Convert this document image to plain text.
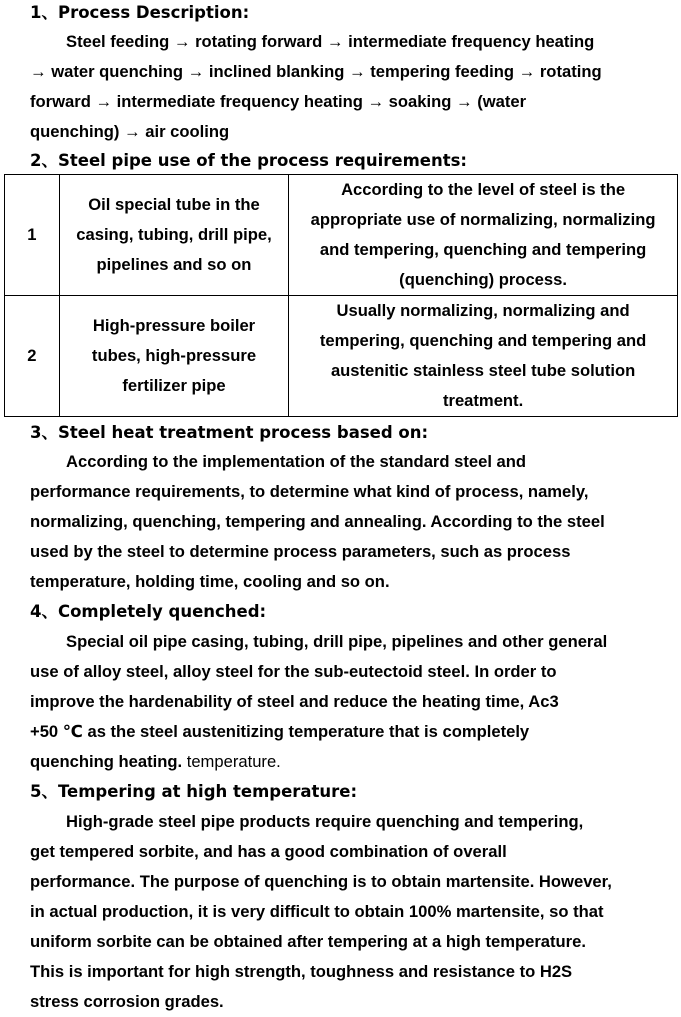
1、Process Description:
Steel feeding → rotating forward → intermediate frequency heating
→ water quenching → inclined blanking → tempering feeding → rotating
forward → intermediate frequency heating → soaking → (water
quenching) → air cooling
2、Steel pipe use of the process requirements:
1	Oil special tube in the
casing, tubing, drill pipe,
pipelines and so on	According to the level of steel is the
appropriate use of normalizing, normalizing
and tempering, quenching and tempering
(quenching) process.

2	High-pressure boiler
tubes, high-pressure
fertilizer pipe	Usually normalizing, normalizing and
tempering, quenching and tempering and
austenitic stainless steel tube solution
treatment.
3、Steel heat treatment process based on:
According to the implementation of the standard steel and
performance requirements, to determine what kind of process, namely,
normalizing, quenching, tempering and annealing. According to the steel
used by the steel to determine process parameters, such as process
temperature, holding time, cooling and so on.
4、Completely quenched:
Special oil pipe casing, tubing, drill pipe, pipelines and other general
use of alloy steel, alloy steel for the sub-eutectoid steel. In order to
improve the hardenability of steel and reduce the heating time, Ac3
+50 ℃ as the steel austenitizing temperature that is completely
quenching heating. temperature.
5、Tempering at high temperature:
High-grade steel pipe products require quenching and tempering,
get tempered sorbite, and has a good combination of overall
performance. The purpose of quenching is to obtain martensite. However,
in actual production, it is very difficult to obtain 100% martensite, so that
uniform sorbite can be obtained after tempering at a high temperature.
This is important for high strength, toughness and resistance to H2S
stress corrosion grades.
